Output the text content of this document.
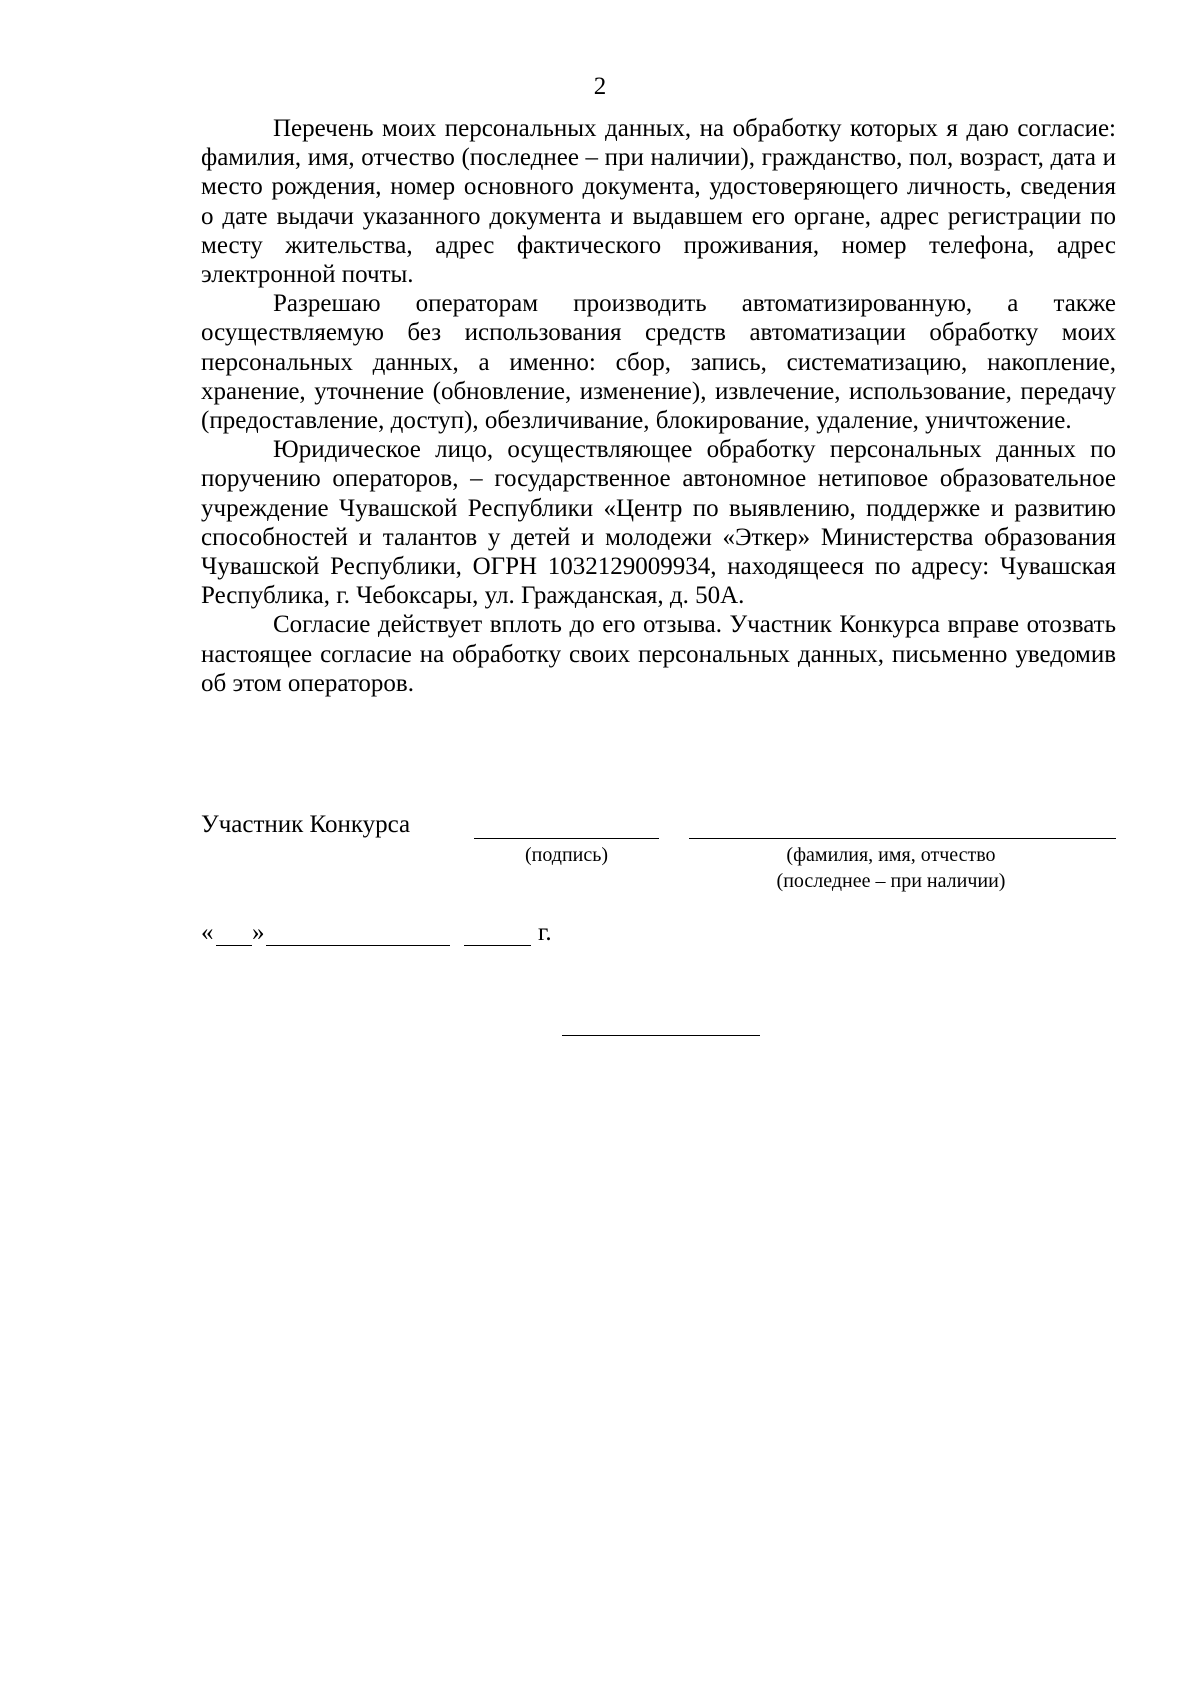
2

Перечень моих персональных данных, на обработку которых я даю согласие: фамилия, имя, отчество (последнее – при наличии), гражданство, пол, возраст, дата и место рождения, номер основного документа, удостоверяющего личность, сведения о дате выдачи указанного документа и выдавшем его органе, адрес регистрации по месту жительства, адрес фактического проживания, номер телефона, адрес электронной почты.

Разрешаю операторам производить автоматизированную, а также осуществляемую без использования средств автоматизации обработку моих персональных данных, а именно: сбор, запись, систематизацию, накопление, хранение, уточнение (обновление, изменение), извлечение, использование, передачу (предоставление, доступ), обезличивание, блокирование, удаление, уничтожение.

Юридическое лицо, осуществляющее обработку персональных данных по поручению операторов, – государственное автономное нетиповое образовательное учреждение Чувашской Республики «Центр по выявлению, поддержке и развитию способностей и талантов у детей и молодежи «Эткер» Министерства образования Чувашской Республики, ОГРН 1032129009934, находящееся по адресу: Чувашская Республика, г. Чебоксары, ул. Гражданская, д. 50А.

Согласие действует вплоть до его отзыва. Участник Конкурса вправе отозвать настоящее согласие на обработку своих персональных данных, письменно уведомив об этом операторов.

Участник Конкурса
(подпись)	(фамилия, имя, отчество
(последнее – при наличии)
« »	г.
